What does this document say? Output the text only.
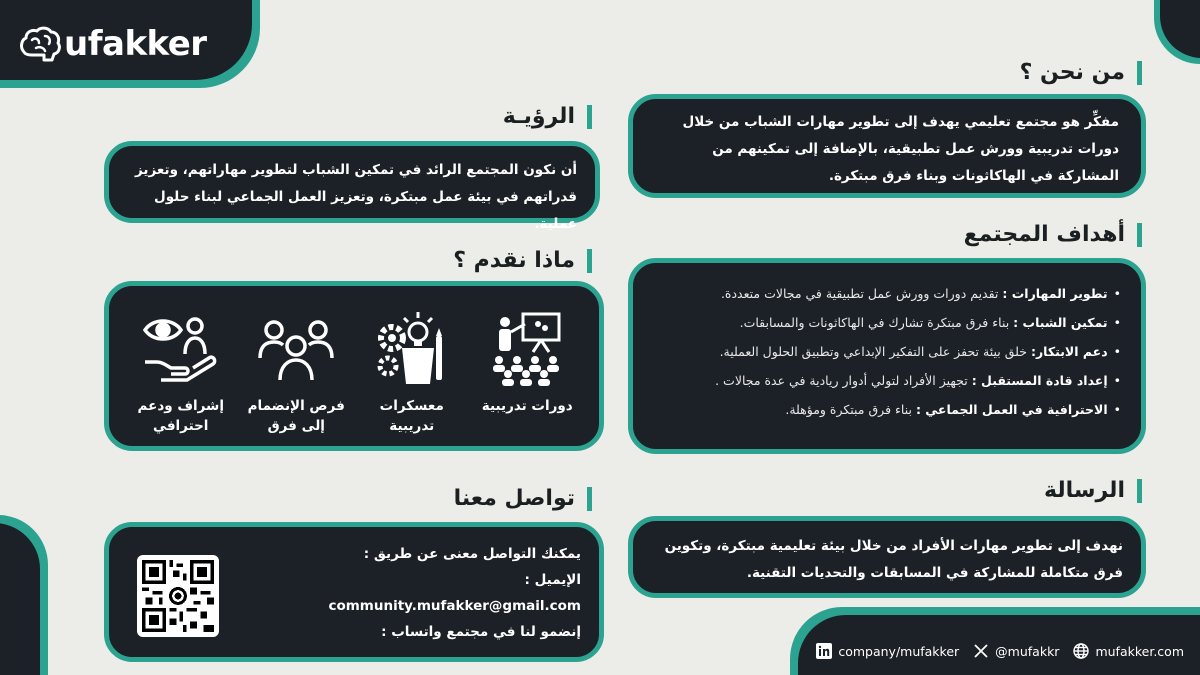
ufakker
من نحن ؟

مفكِّر هو مجتمع تعليمي يهدف إلى تطوير مهارات الشباب من خلال دورات تدريبية وورش عمل تطبيقية، بالإضافة إلى تمكينهم من المشاركة في الهاكاثونات وبناء فرق مبتكرة.

الرؤيـة

أن نكون المجتمع الرائد في تمكين الشباب لتطوير مهاراتهم، وتعزيز قدراتهم في بيئة عمل مبتكرة، وتعزيز العمل الجماعي لبناء حلول عملية.	أهداف المجتمع
• تطوير المهارات : تقديم دورات وورش عمل تطبيقية في مجالات متعددة.
• تمكين الشباب : بناء فرق مبتكرة تشارك في الهاكاثونات والمسابقات.
• دعم الابتكار: خلق بيئة تحفز على التفكير الإبداعي وتطبيق الحلول العملية.
• إعداد قادة المستقبل : تجهيز الأفراد لتولي أدوار ريادية في عدة مجالات .
• الاحترافية في العمل الجماعي : بناء فرق مبتكرة ومؤهلة.
ماذا نقدم ؟
دورات تدريبية
معسكرات تدريبية
فرص الإنضمام إلى فرق
إشراف ودعم احترافي
الرسالة

نهدف إلى تطوير مهارات الأفراد من خلال بيئة تعليمية مبتكرة، وتكوين فرق متكاملة للمشاركة في المسابقات والتحديات التقنية.

تواصل معنا
يمكنك التواصل معنى عن طريق :
الإيميل :
community.mufakker@gmail.com
إنضمو لنا في مجتمع واتساب :
company/mufakker	@mufakkr	mufakker.com
